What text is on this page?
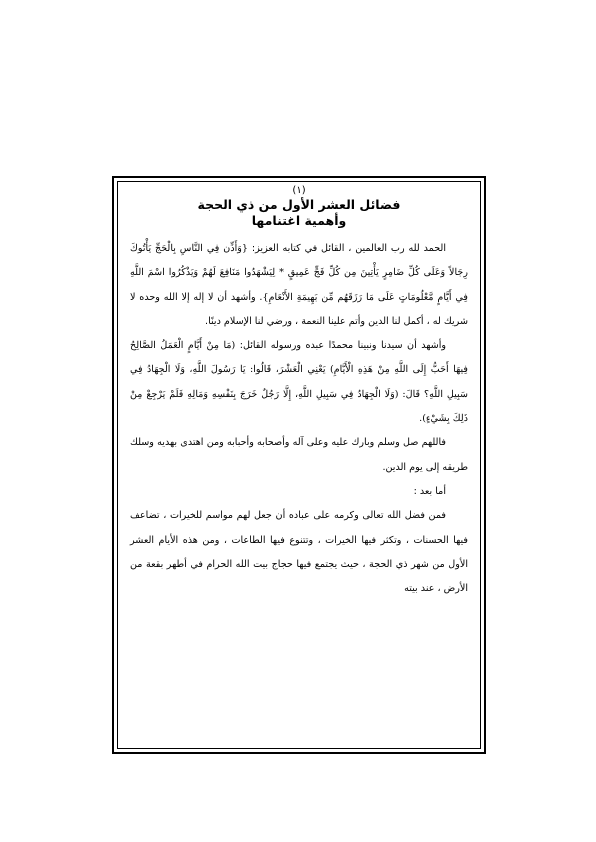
(١)

فضائل العشر الأول من ذي الحجة

وأهمية اغتنامها

الحمد لله رب العالمين ، القائل في كتابه العزيز: {وَأَذِّن فِي النَّاسِ بِالْحَجِّ يَأْتُوكَ رِجَالاً وَعَلَى كُلِّ ضَامِرٍ يَأْتِينَ مِن كُلِّ فَجٍّ عَمِيقٍ * لِيَشْهَدُوا مَنَافِعَ لَهُمْ وَيَذْكُرُوا اسْمَ اللَّهِ فِي أَيَّامٍ مَّعْلُومَاتٍ عَلَى مَا رَزَقَهُم مِّن بَهِيمَةِ الأَنْعَامِ}. وأشهد أن لا إله إلا الله وحده لا شريك له ، أكمل لنا الدين وأتم علينا النعمة ، ورضي لنا الإسلام دينًا.

وأشهد أن سيدنا ونبينا محمدًا عبده ورسوله القائل: (مَا مِنْ أَيَّامٍ الْعَمَلُ الصَّالِحُ فِيهَا أَحَبُّ إِلَى اللَّهِ مِنْ هَذِهِ الْأَيَّامِ) يَعْنِي الْعَشْرَ، قَالُوا: يَا رَسُولَ اللَّهِ، وَلَا الْجِهَادُ فِي سَبِيلِ اللَّهِ؟ قَالَ: (وَلَا الْجِهَادُ فِي سَبِيلِ اللَّهِ، إِلَّا رَجُلٌ خَرَجَ بِنَفْسِهِ وَمَالِهِ فَلَمْ يَرْجِعْ مِنْ ذَلِكَ بِشَيْءٍ).

فاللهم صل وسلم وبارك عليه وعلى آله وأصحابه وأحبابه ومن اهتدى بهديه وسلك طريقه إلى يوم الدين.

أما بعد :

فمن فضل الله تعالى وكرمه على عباده أن جعل لهم مواسم للخيرات ، تضاعف فيها الحسنات ، وتكثر فيها الخيرات ، وتتنوع فيها الطاعات ، ومن هذه الأيام العشر الأول من شهر ذي الحجة ، حيث يجتمع فيها حجاج بيت الله الحرام في أطهر بقعة من الأرض ، عند بيته
